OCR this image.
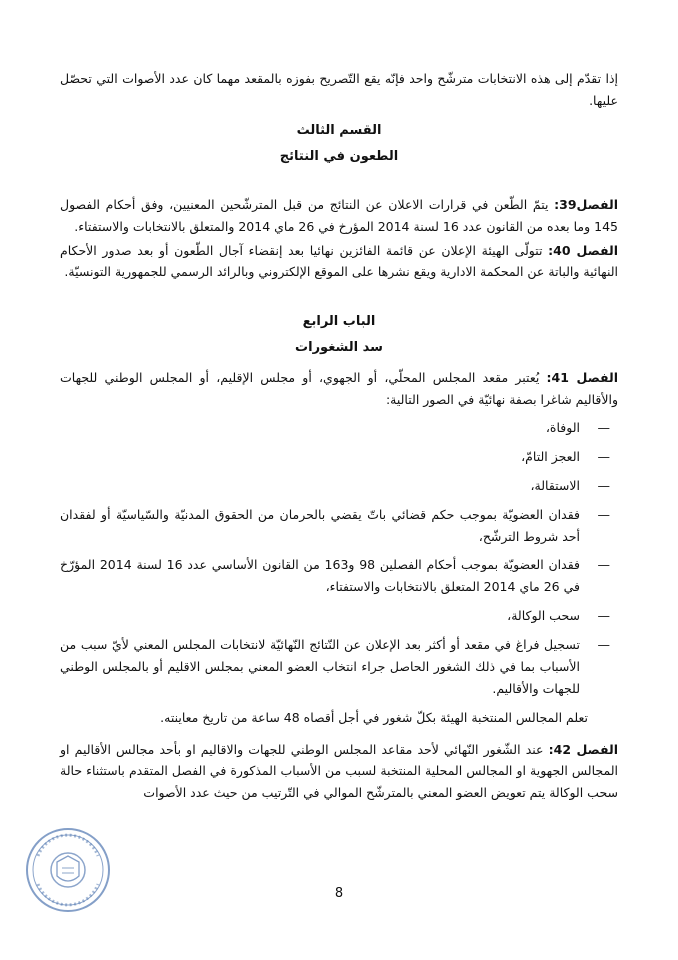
إذا تقدّم إلى هذه الانتخابات مترشّح واحد فإنّه يقع التّصريح بفوزه بالمقعد مهما كان عدد الأصوات التي تحصّل عليها.

القسم الثالث
الطعون في النتائج

الفصل39: يتمّ الطّعن في قرارات الاعلان عن النتائج من قبل المترشّحين المعنيين، وفق أحكام الفصول 145 وما بعده من القانون عدد 16 لسنة 2014 المؤرخ في 26 ماي 2014 والمتعلق بالانتخابات والاستفتاء.

الفصل 40: تتولّى الهيئة الإعلان عن قائمة الفائزين نهائيا بعد إنقضاء آجال الطّعون أو بعد صدور الأحكام النهائية والباتة عن المحكمة الادارية ويقع نشرها على الموقع الإلكتروني وبالرائد الرسمي للجمهورية التونسيّة.

الباب الرابع
سد الشغورات

الفصل 41: يُعتبر مقعد المجلس المحلّي، أو الجهوي، أو مجلس الإقليم، أو المجلس الوطني للجهات والأقاليم شاغرا بصفة نهائيّة في الصور التالية:

—
الوفاة،
—
العجز التامّ،
—
الاستقالة،
—
فقدان العضويّة بموجب حكم قضائي باتّ يقضي بالحرمان من الحقوق المدنيّة والسّياسيّة أو لفقدان أحد شروط الترشّح،
—
فقدان العضويّة بموجب أحكام الفصلين 98 و163 من القانون الأساسي عدد 16 لسنة 2014 المؤرّخ في 26 ماي 2014 المتعلق بالانتخابات والاستفتاء،
—
سحب الوكالة،
—
تسجيل فراغ في مقعد أو أكثر بعد الإعلان عن النّتائج النّهائيّة لانتخابات المجلس المعني لأيّ سبب من الأسباب بما في ذلك الشغور الحاصل جراء انتخاب العضو المعني بمجلس الاقليم أو بالمجلس الوطني للجهات والأقاليم.

تعلم المجالس المنتخبة الهيئة بكلّ شغور في أجل أقصاه 48 ساعة من تاريخ معاينته.

الفصل 42: عند الشّغور النّهائي لأحد مقاعد المجلس الوطني للجهات والاقاليم او بأحد مجالس الأقاليم او المجالس الجهوية او المجالس المحلية المنتخبة لسبب من الأسباب المذكورة في الفصل المتقدم باستثناء حالة سحب الوكالة يتم تعويض العضو المعني بالمترشّح الموالي في التّرتيب من حيث عدد الأصوات

8
